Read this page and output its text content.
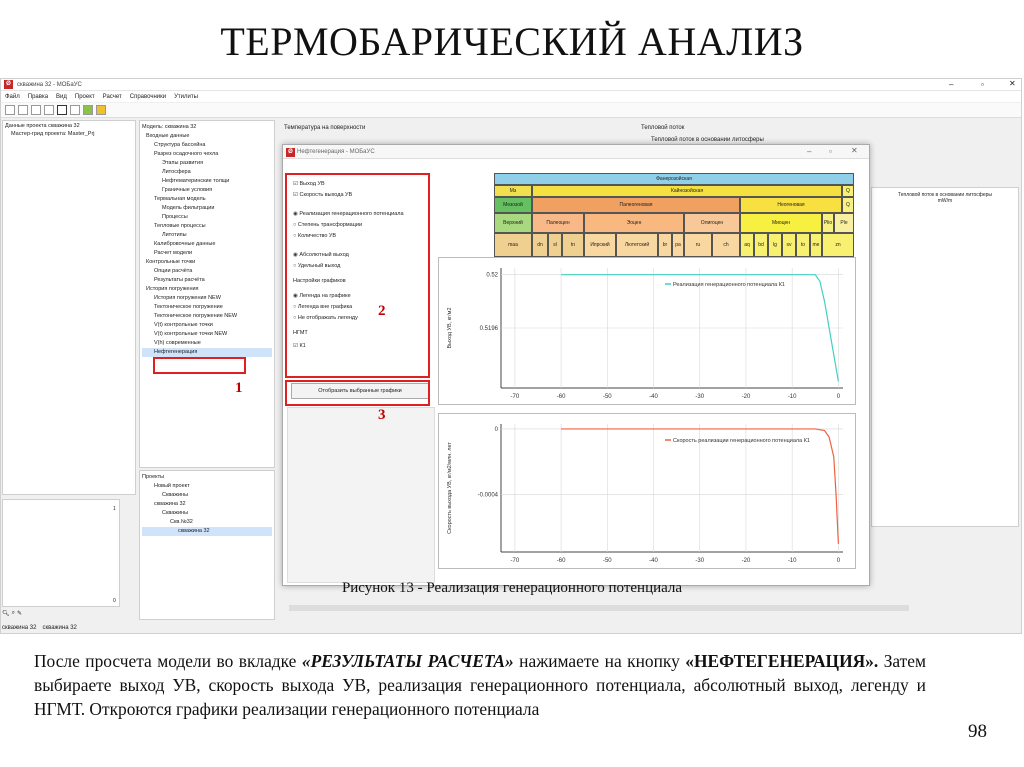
ТЕРМОБАРИЧЕСКИЙ АНАЛИЗ
Ø	скважина 32 - МОБаУС	–	▫	✕
Файл Правка Вид Проект Расчет Справочники Утилиты
Данные проекта скважина 32
Мастер-грид проекта: Master_Prj
1
0
Модель: скважина 32
Входные данные
Структура бассейна
Разрез осадочного чехла
Этапы развития
Литосфера
Нефтематеринские толщи
Граничные условия
Термальная модель
Модель фильтрации
Процессы
Тепловые процессы
Литотипы
Калибровочные данные
Расчет модели
Контрольные точки
Опции расчёта
Результаты расчёта
История погружения
История погружения NEW
Тектоническое погружение
Тектоническое погружение NEW
V(t) контрольные точки
V(t) контрольные точки NEW
V(h) современные
Нефтегенерация
Проекты
Новый проект
Скважины
скважина 32
Скважины
Скв.№32
скважина 32
Температура на поверхности	Тепловой поток
Тепловой поток в основании литосферы
Тепловой поток в основании литосферы mW/m
🔍︎ ⌕ ✎
скважина 32 скважина 32
Нефтегенерация - МОБаУС
Ø	– ▫ ✕
☑ Выход УВ
☑ Скорость выхода УВ
◉ Реализация генерационного потенциала
○ Степень трансформации
○ Количество УВ
◉ Абсолютный выход
○ Удельный выход
Настройки графиков
◉ Легенда на графике
○ Легенда вне графика
○ Не отображать легенду
НГМТ
☑ К1
Отобразить выбранные графики
Фанерозойская
Мз	Кайнозойская	Q
Мезозой	Палеогеновая	Неогеновая	Q
Верхний	Палеоцен	Эоцен	Олигоцен	Миоцен	Plio	Ple
maa	dn	sl	tn	Ипрский	Лютетский	br	pa	ru	ch	aq	bd	lg	sv	to	me	zn
-70	-60	-50	-40	-30	-20	-10	0
0.52
0.5196
Выход УВ, кг/м2
Реализация генерационного потенциала К1
-70	-60	-50	-40	-30	-20	-10	0
0
-0.0004
Скорость выхода УВ, кг/м2/млн. лет
Скорость реализации генерационного потенциала К1
1
2
3
Рисунок 13 - Реализация генерационного потенциала
После просчета модели во вкладке «РЕЗУЛЬТАТЫ РАСЧЕТА» нажимаете на кнопку «НЕФТЕГЕНЕРАЦИЯ». Затем выбираете выход УВ, скорость выхода УВ, реализация генерационного потенциала, абсолютный выход, легенду и НГМТ. Откроются графики реализации генерационного потенциала
98
